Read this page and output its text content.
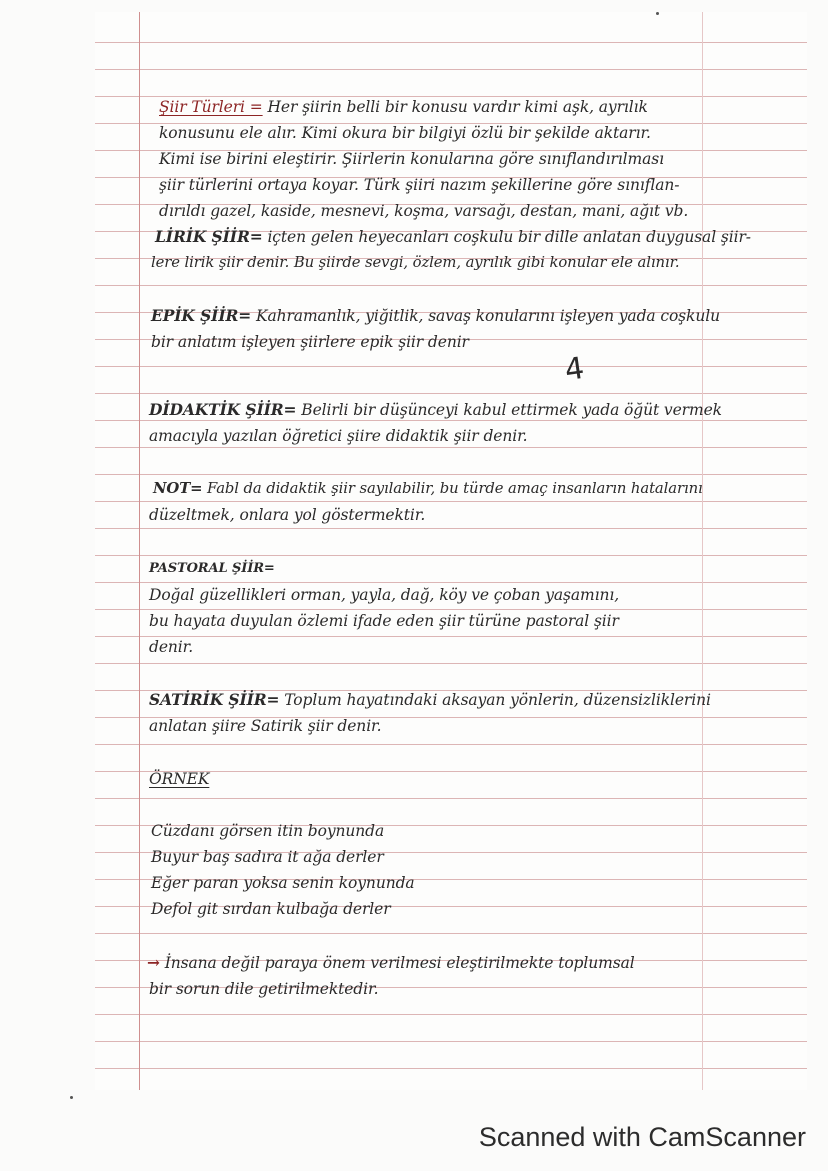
Şiir Türleri = Her şiirin belli bir konusu vardır kimi aşk, ayrılık
konusunu ele alır. Kimi okura bir bilgiyi özlü bir şekilde aktarır.
Kimi ise birini eleştirir. Şiirlerin konularına göre sınıflandırılması
şiir türlerini ortaya koyar. Türk şiiri nazım şekillerine göre sınıflan-
dırıldı gazel, kaside, mesnevi, koşma, varsağı, destan, mani, ağıt vb.
LİRİK ŞİİR= içten gelen heyecanları coşkulu bir dille anlatan duygusal şiir-
lere lirik şiir denir. Bu şiirde sevgi, özlem, ayrılık gibi konular ele alınır.
EPİK ŞİİR= Kahramanlık, yiğitlik, savaş konularını işleyen yada coşkulu
bir anlatım işleyen şiirlere epik şiir denir
4
DİDAKTİK ŞİİR= Belirli bir düşünceyi kabul ettirmek yada öğüt vermek
amacıyla yazılan öğretici şiire didaktik şiir denir.
NOT= Fabl da didaktik şiir sayılabilir, bu türde amaç insanların hatalarını
düzeltmek, onlara yol göstermektir.
PASTORAL ŞİİR=
Doğal güzellikleri orman, yayla, dağ, köy ve çoban yaşamını,
bu hayata duyulan özlemi ifade eden şiir türüne pastoral şiir
denir.
SATİRİK ŞİİR= Toplum hayatındaki aksayan yönlerin, düzensizliklerini
anlatan şiire Satirik şiir denir.
ÖRNEK
Cüzdanı görsen itin boynunda
Buyur baş sadıra it ağa derler
Eğer paran yoksa senin koynunda
Defol git sırdan kulbağa derler
→ İnsana değil paraya önem verilmesi eleştirilmekte toplumsal
bir sorun dile getirilmektedir.
Scanned with CamScanner
